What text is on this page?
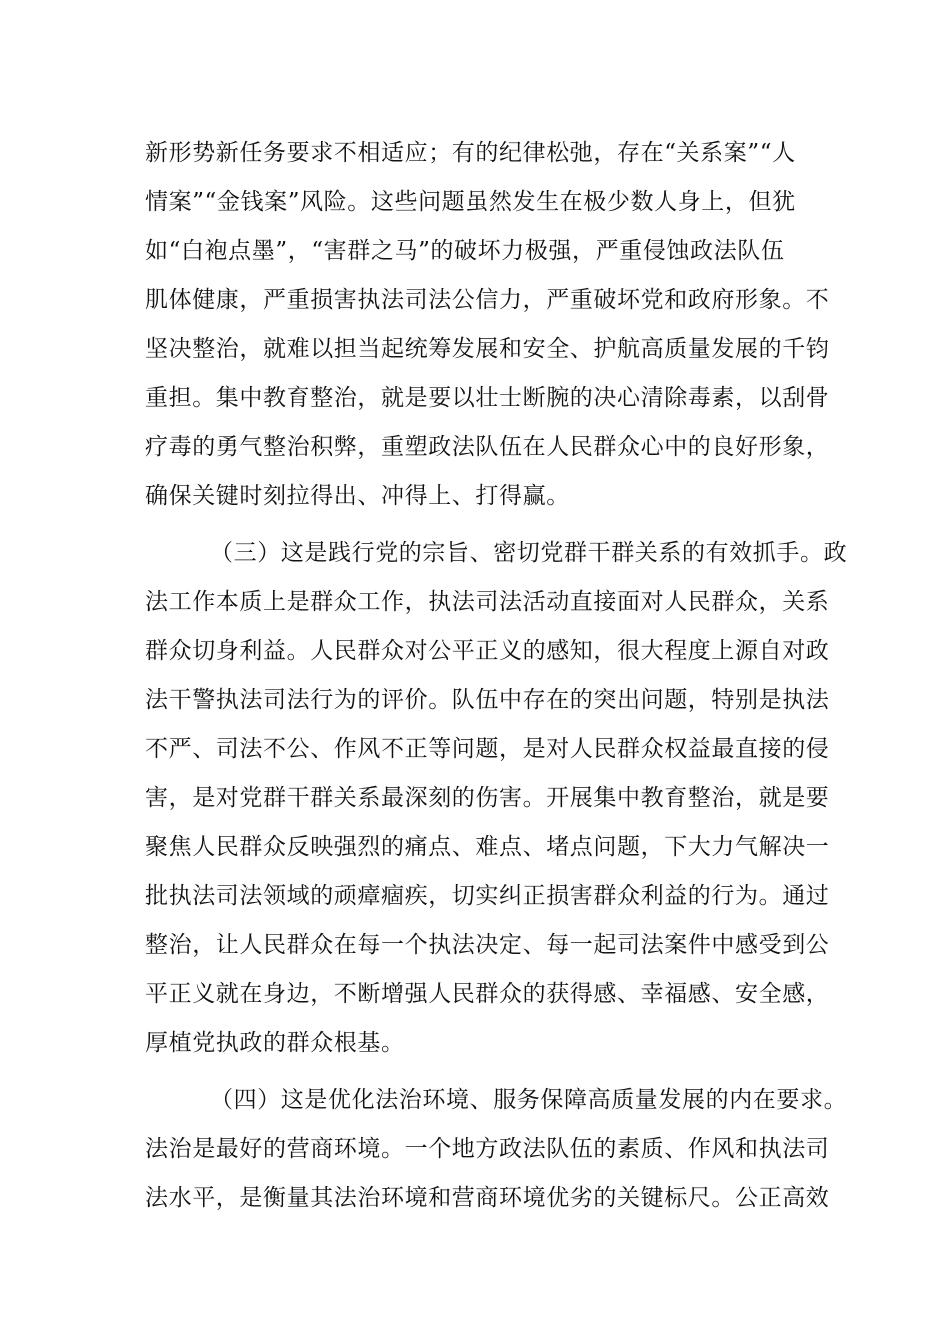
新形势新任务要求不相适应；有的纪律松弛，存在“关系案”“人
情案”“金钱案”风险。这些问题虽然发生在极少数人身上，但犹
如“白袍点墨”，“害群之马”的破坏力极强，严重侵蚀政法队伍
肌体健康，严重损害执法司法公信力，严重破坏党和政府形象。不
坚决整治，就难以担当起统筹发展和安全、护航高质量发展的千钧
重担。集中教育整治，就是要以壮士断腕的决心清除毒素，以刮骨
疗毒的勇气整治积弊，重塑政法队伍在人民群众心中的良好形象，
确保关键时刻拉得出、冲得上、打得赢。
（三）这是践行党的宗旨、密切党群干群关系的有效抓手。政
法工作本质上是群众工作，执法司法活动直接面对人民群众，关系
群众切身利益。人民群众对公平正义的感知，很大程度上源自对政
法干警执法司法行为的评价。队伍中存在的突出问题，特别是执法
不严、司法不公、作风不正等问题，是对人民群众权益最直接的侵
害，是对党群干群关系最深刻的伤害。开展集中教育整治，就是要
聚焦人民群众反映强烈的痛点、难点、堵点问题，下大力气解决一
批执法司法领域的顽瘴痼疾，切实纠正损害群众利益的行为。通过
整治，让人民群众在每一个执法决定、每一起司法案件中感受到公
平正义就在身边，不断增强人民群众的获得感、幸福感、安全感，
厚植党执政的群众根基。
（四）这是优化法治环境、服务保障高质量发展的内在要求。
法治是最好的营商环境。一个地方政法队伍的素质、作风和执法司
法水平，是衡量其法治环境和营商环境优劣的关键标尺。公正高效
